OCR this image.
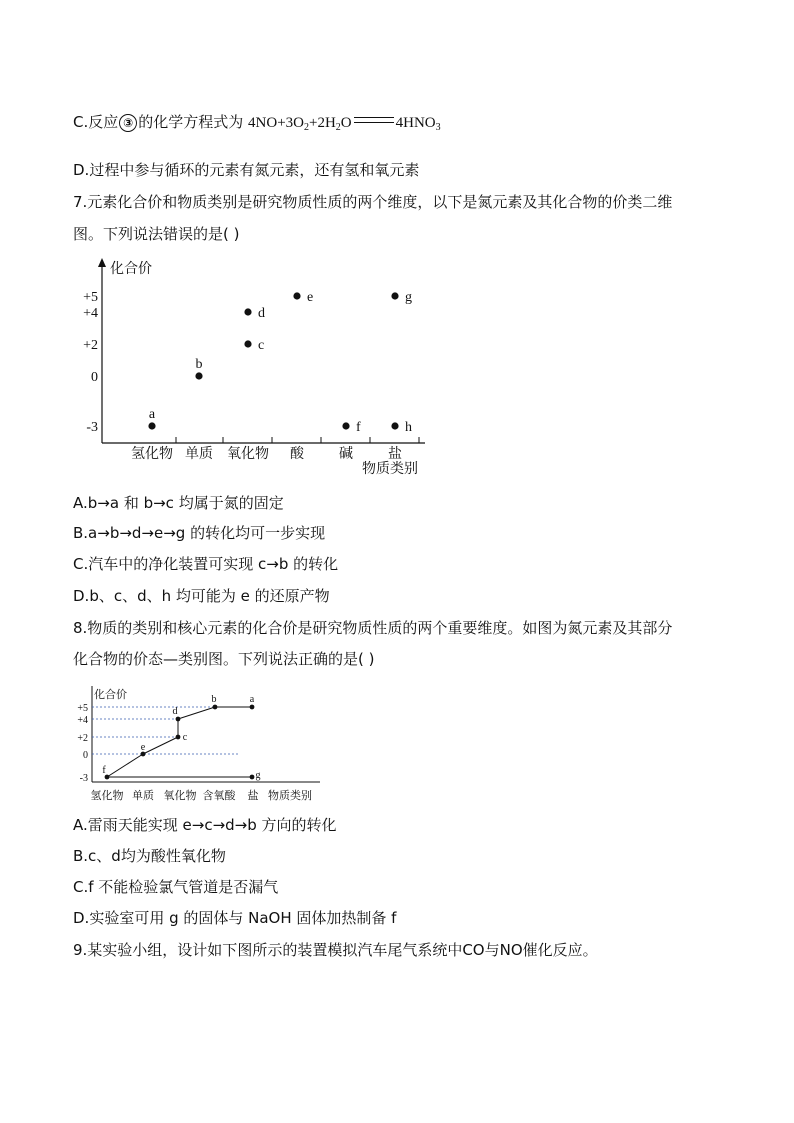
C.反应 ③ 的化学方程式为 $4NO+3O_2+2H_2O$	$4HNO_3$
D.过程中参与循环的元素有氮元素，还有氢和氧元素
7.元素化合价和物质类别是研究物质性质的两个维度，以下是氮元素及其化合物的价类二维
图。下列说法错误的是( )
化合价
物质类别
+5
+4
+2
0
-3
氢化物 单质 氧化物 酸	碱	盐
a
b
c
d
e
f
g
h
A.b→a 和 b→c 均属于氮的固定
B.a→b→d→e→g 的转化均可一步实现
C.汽车中的净化装置可实现 c→b 的转化
D.b、c、d、h 均可能为 e 的还原产物
8.物质的类别和核心元素的化合价是研究物质性质的两个重要维度。如图为氮元素及其部分
化合物的价态—类别图。下列说法正确的是( )
化合价
物质类别
+5
+4
+2
0
-3
氢化物 单质 氧化物 含氧酸 盐
f
e
c
d
b	a
g
A.雷雨天能实现 e→c→d→b 方向的转化
B.c、d均为酸性氧化物
C.f 不能检验氯气管道是否漏气
D.实验室可用 g 的固体与 NaOH 固体加热制备 f
9.某实验小组，设计如下图所示的装置模拟汽车尾气系统中CO与NO催化反应。
